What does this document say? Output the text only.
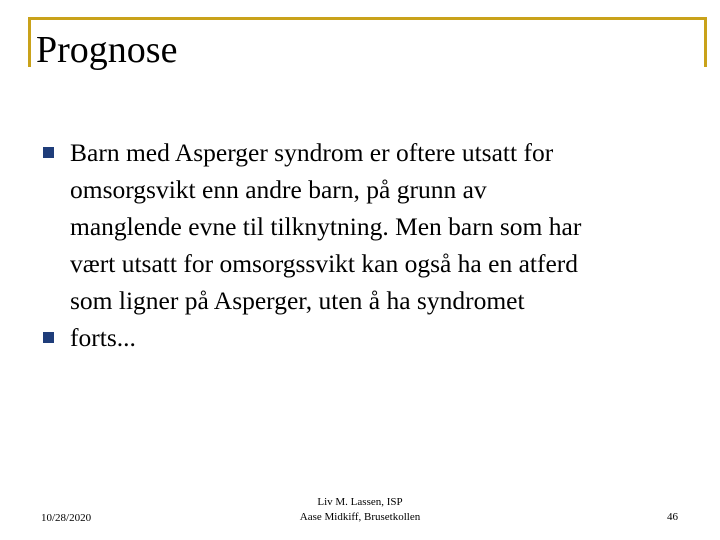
Prognose
Barn med Asperger syndrom er oftere utsatt for
omsorgsvikt enn andre barn, på grunn av
manglende evne til tilknytning. Men barn som har
vært utsatt for omsorgssvikt kan også ha en atferd
som ligner på Asperger, uten å ha syndromet
forts...
10/28/2020
Liv M. Lassen, ISP
Aase Midkiff, Brusetkollen	46
